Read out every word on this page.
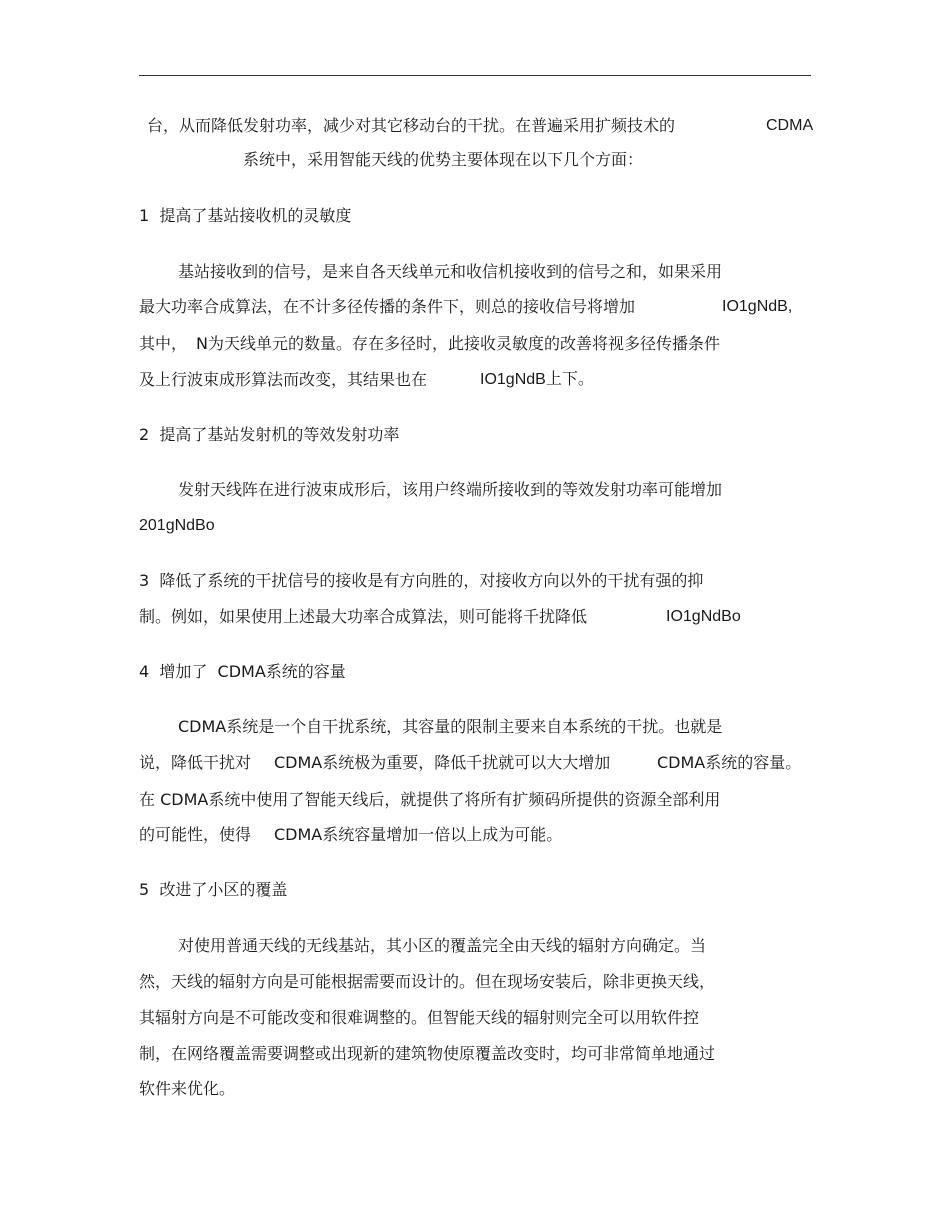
台，从而降低发射功率，减少对其它移动台的干扰。在普遍采用扩频技术的	CDMA
系统中，采用智能天线的优势主要体现在以下几个方面：
1  提高了基站接收机的灵敏度
基站接收到的信号，是来自各天线单元和收信机接收到的信号之和，如果采用
最大功率合成算法，在不计多径传播的条件下，则总的接收信号将增加	IO1gNdB,
其中， N为天线单元的数量。存在多径时，此接收灵敏度的改善将视多径传播条件
及上行波束成形算法而改变，其结果也在	IO1gNdB上下。
2  提高了基站发射机的等效发射功率
发射天线阵在进行波束成形后，该用户终端所接收到的等效发射功率可能增加
201gNdBo
3  降低了系统的干扰信号的接收是有方向胜的，对接收方向以外的干扰有强的抑
制。例如，如果使用上述最大功率合成算法，则可能将千扰降低	IO1gNdBo
4  增加了  CDMA系统的容量
CDMA系统是一个自干扰系统，其容量的限制主要来自本系统的干扰。也就是
说，降低干扰对 CDMA系统极为重要，降低千扰就可以大大增加	CDMA系统的容量。
在 CDMA系统中使用了智能天线后，就提供了将所有扩频码所提供的资源全部利用
的可能性，使得 CDMA系统容量增加一倍以上成为可能。
5  改进了小区的覆盖
对使用普通天线的无线基站，其小区的覆盖完全由天线的辐射方向确定。当
然，天线的辐射方向是可能根据需要而设计的。但在现场安装后，除非更换天线，
其辐射方向是不可能改变和很难调整的。但智能天线的辐射则完全可以用软件控
制，在网络覆盖需要调整或出现新的建筑物使原覆盖改变时，均可非常简单地通过
软件来优化。
